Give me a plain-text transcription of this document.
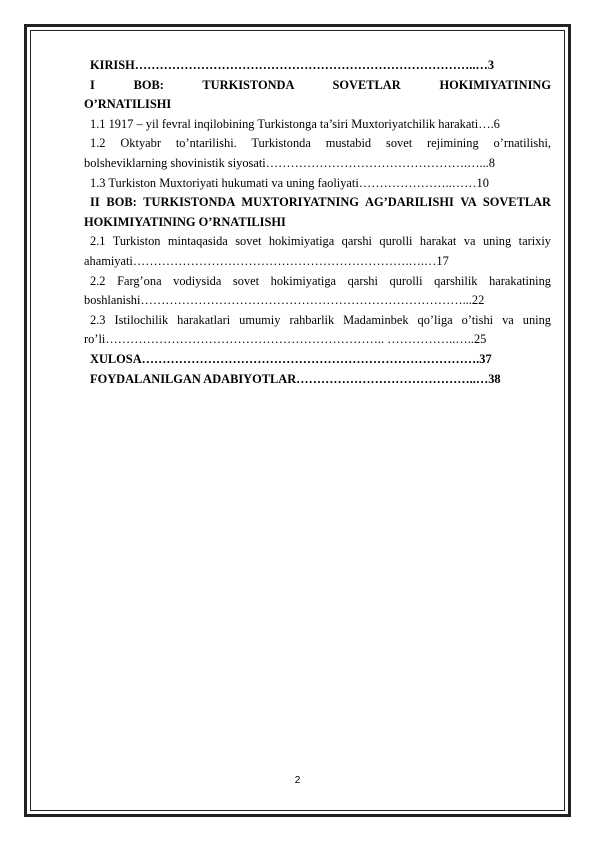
KIRISH………………………………………………………………………..…3

I BOB: TURKISTONDA SOVETLAR HOKIMIYATINING O’RNATILISHI

1.1 1917 – yil fevral inqilobining Turkistonga ta’siri Muxtoriyatchilik harakati….6

1.2 Oktyabr to’ntarilishi. Turkistonda mustabid sovet rejimining o’rnatilishi, bolsheviklarning shovinistik siyosati………………………………………….…...8

1.3 Turkiston Muxtoriyati hukumati va uning faoliyati…………………..……10

II BOB: TURKISTONDA MUXTORIYATNING AG’DARILISHI VA SOVETLAR HOKIMIYATINING O’RNATILISHI

2.1 Turkiston mintaqasida sovet hokimiyatiga qarshi qurolli harakat va uning tarixiy ahamiyati………………………………………………………….….…17

2.2 Farg’ona vodiysida sovet hokimiyatiga qarshi qurolli qarshilik harakatining boshlanishi……………………………………………………………………...22

2.3 Istilochilik harakatlari umumiy rahbarlik Madaminbek qo’liga o’tishi va uning ro’li………………………………………………………….. ……………..…..25

XULOSA……………………………………………………………………….37

FOYDALANILGAN ADABIYOTLAR……………………………………..…38

2
